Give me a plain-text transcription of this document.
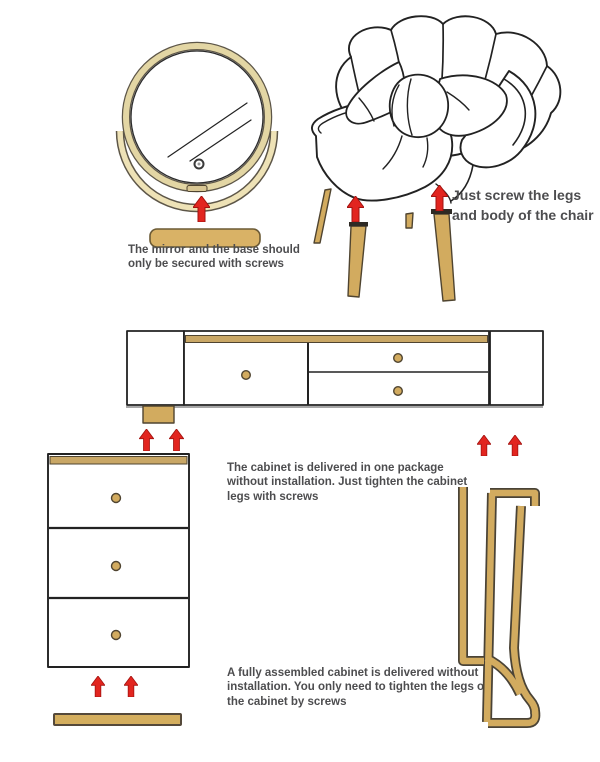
The mirror and the base should
only be secured with screws
Just screw the legs
and body of the chair
The cabinet is delivered in one package
without installation. Just tighten the cabinet
legs with screws
A fully assembled cabinet is delivered without
installation. You only need to tighten the legs of
the cabinet by screws
